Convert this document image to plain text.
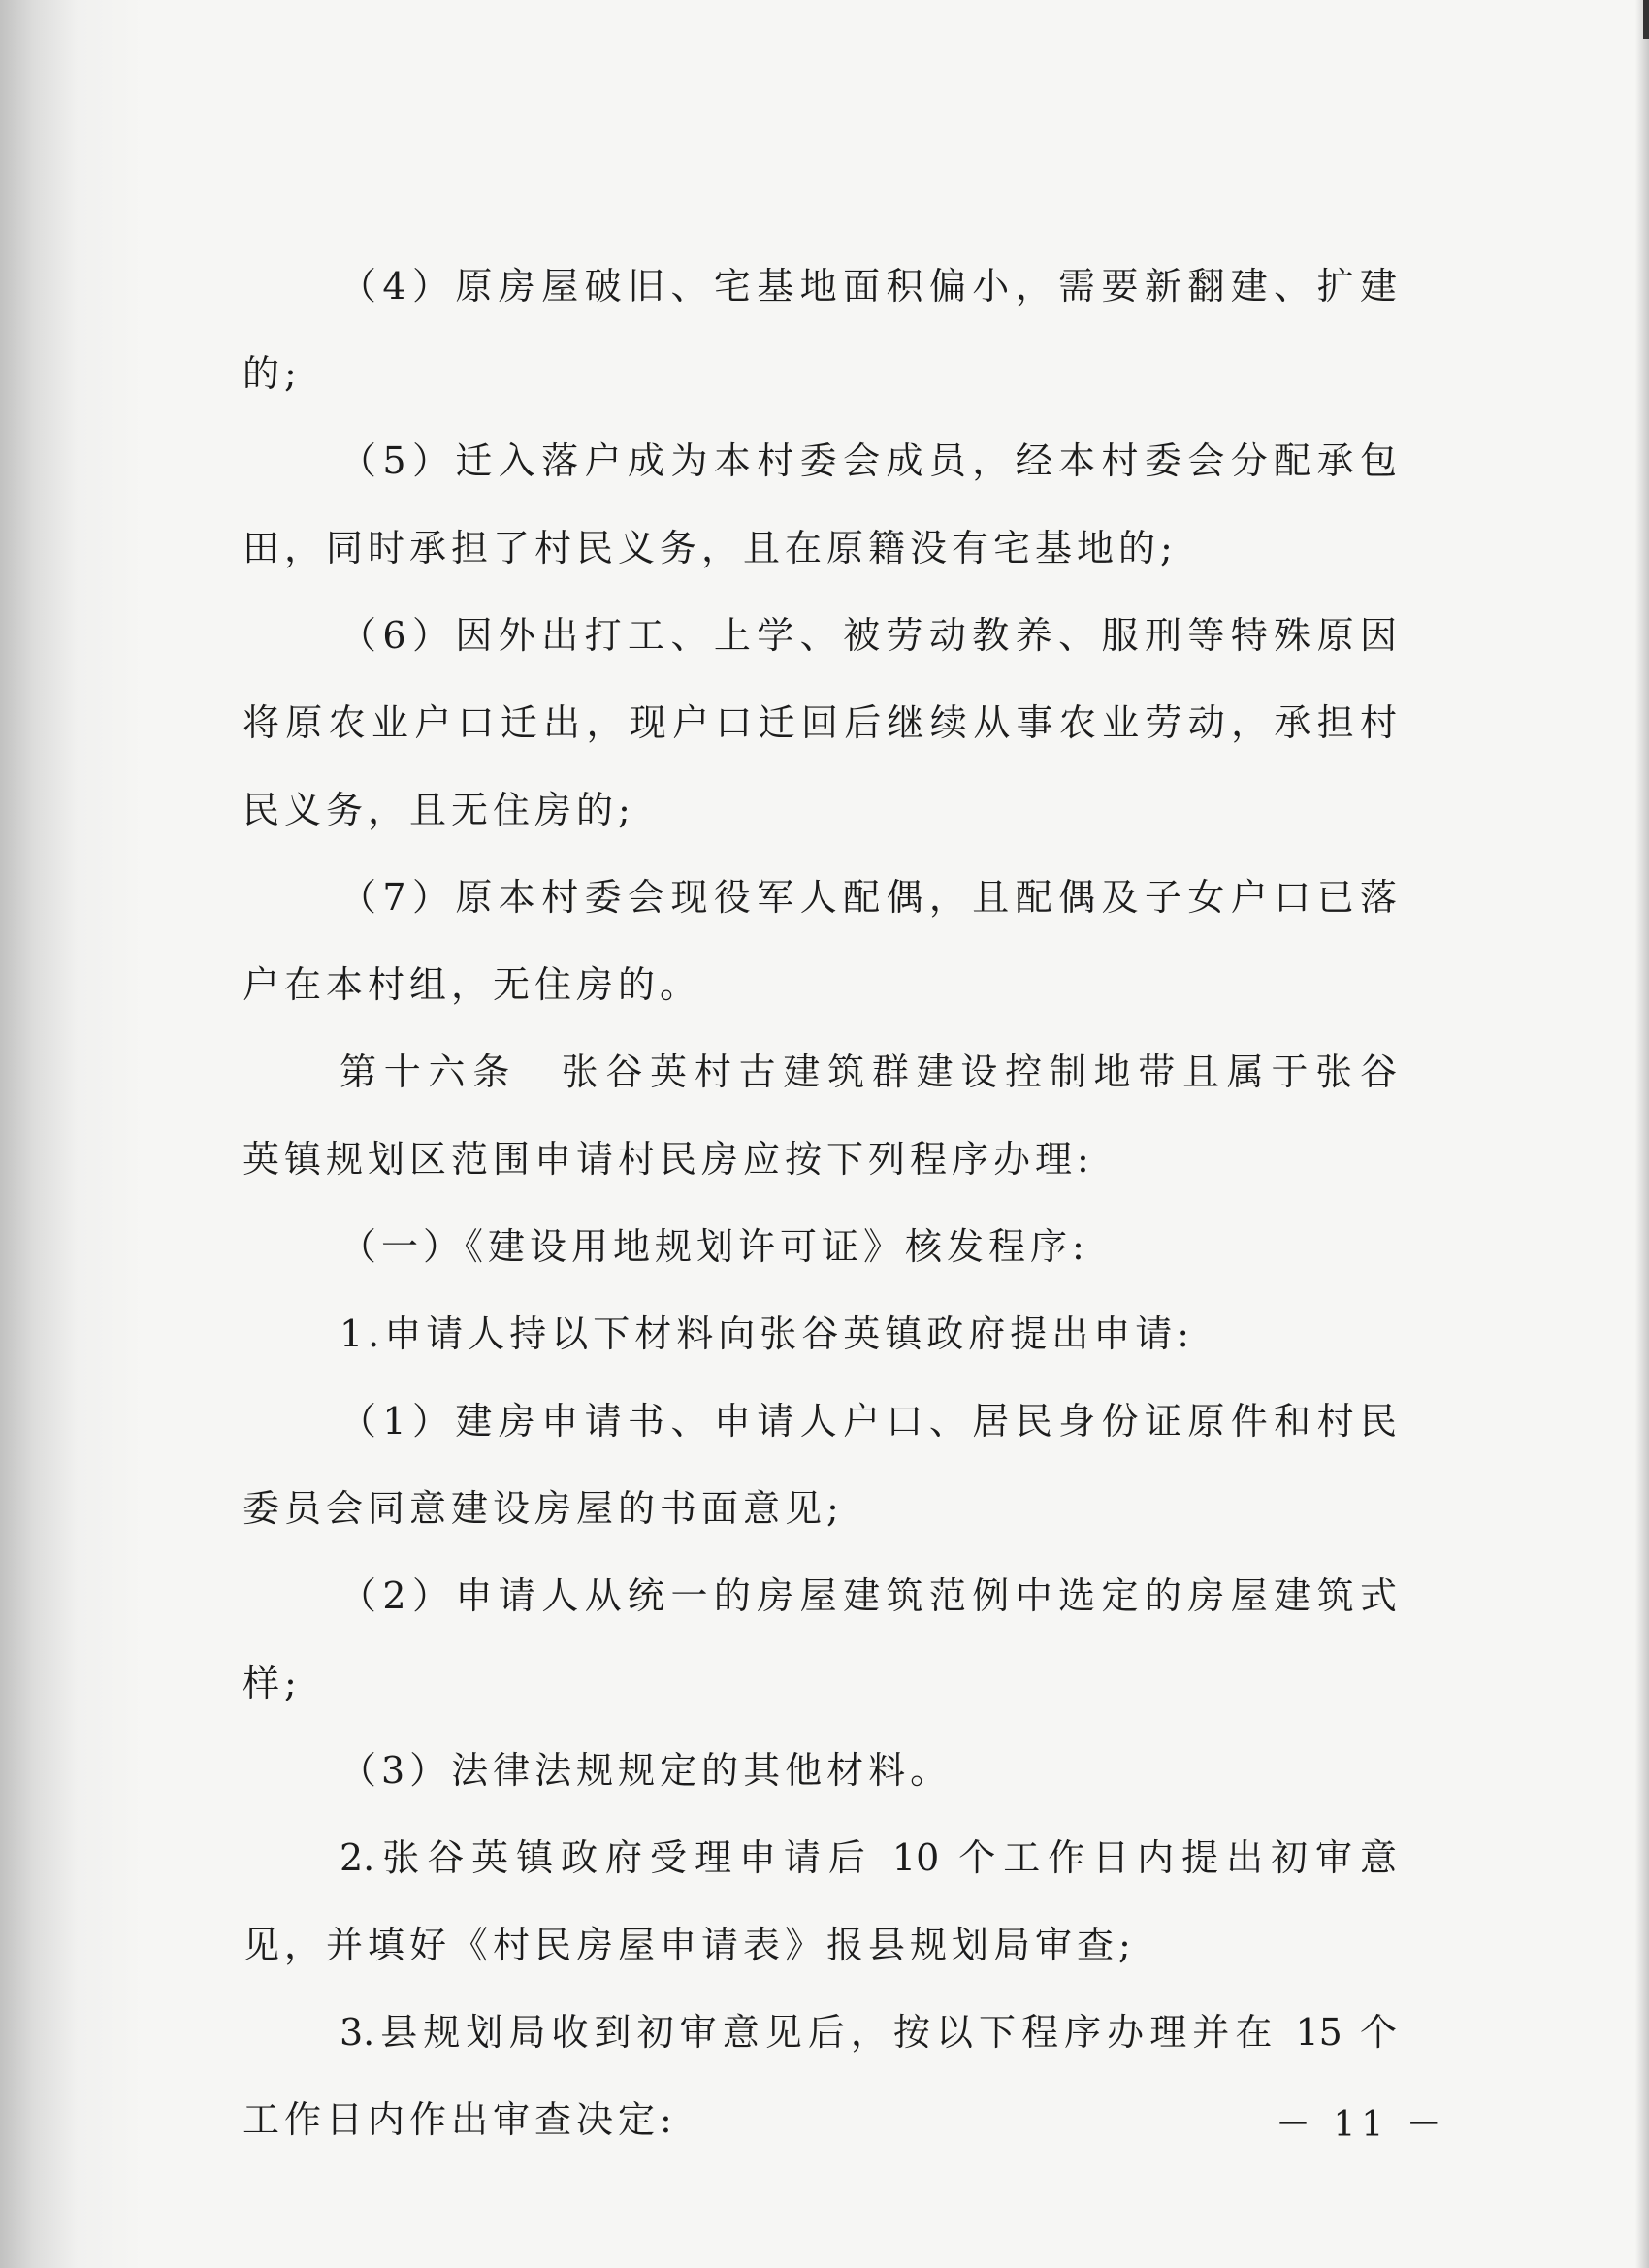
（4）原房屋破旧、宅基地面积偏小，需要新翻建、扩建
的;
（5）迁入落户成为本村委会成员，经本村委会分配承包
田，同时承担了村民义务，且在原籍没有宅基地的;
（6）因外出打工、上学、被劳动教养、服刑等特殊原因
将原农业户口迁出，现户口迁回后继续从事农业劳动，承担村
民义务，且无住房的;
（7）原本村委会现役军人配偶，且配偶及子女户口已落
户在本村组，无住房的。
第十六条　张谷英村古建筑群建设控制地带且属于张谷
英镇规划区范围申请村民房应按下列程序办理:
（一）《建设用地规划许可证》核发程序:
1.申请人持以下材料向张谷英镇政府提出申请:
（1）建房申请书、申请人户口、居民身份证原件和村民
委员会同意建设房屋的书面意见;
（2）申请人从统一的房屋建筑范例中选定的房屋建筑式
样;
（3）法律法规规定的其他材料。
2.张谷英镇政府受理申请后 10 个工作日内提出初审意
见，并填好《村民房屋申请表》报县规划局审查;
3.县规划局收到初审意见后，按以下程序办理并在 15 个
工作日内作出审查决定:	－ 11 －
